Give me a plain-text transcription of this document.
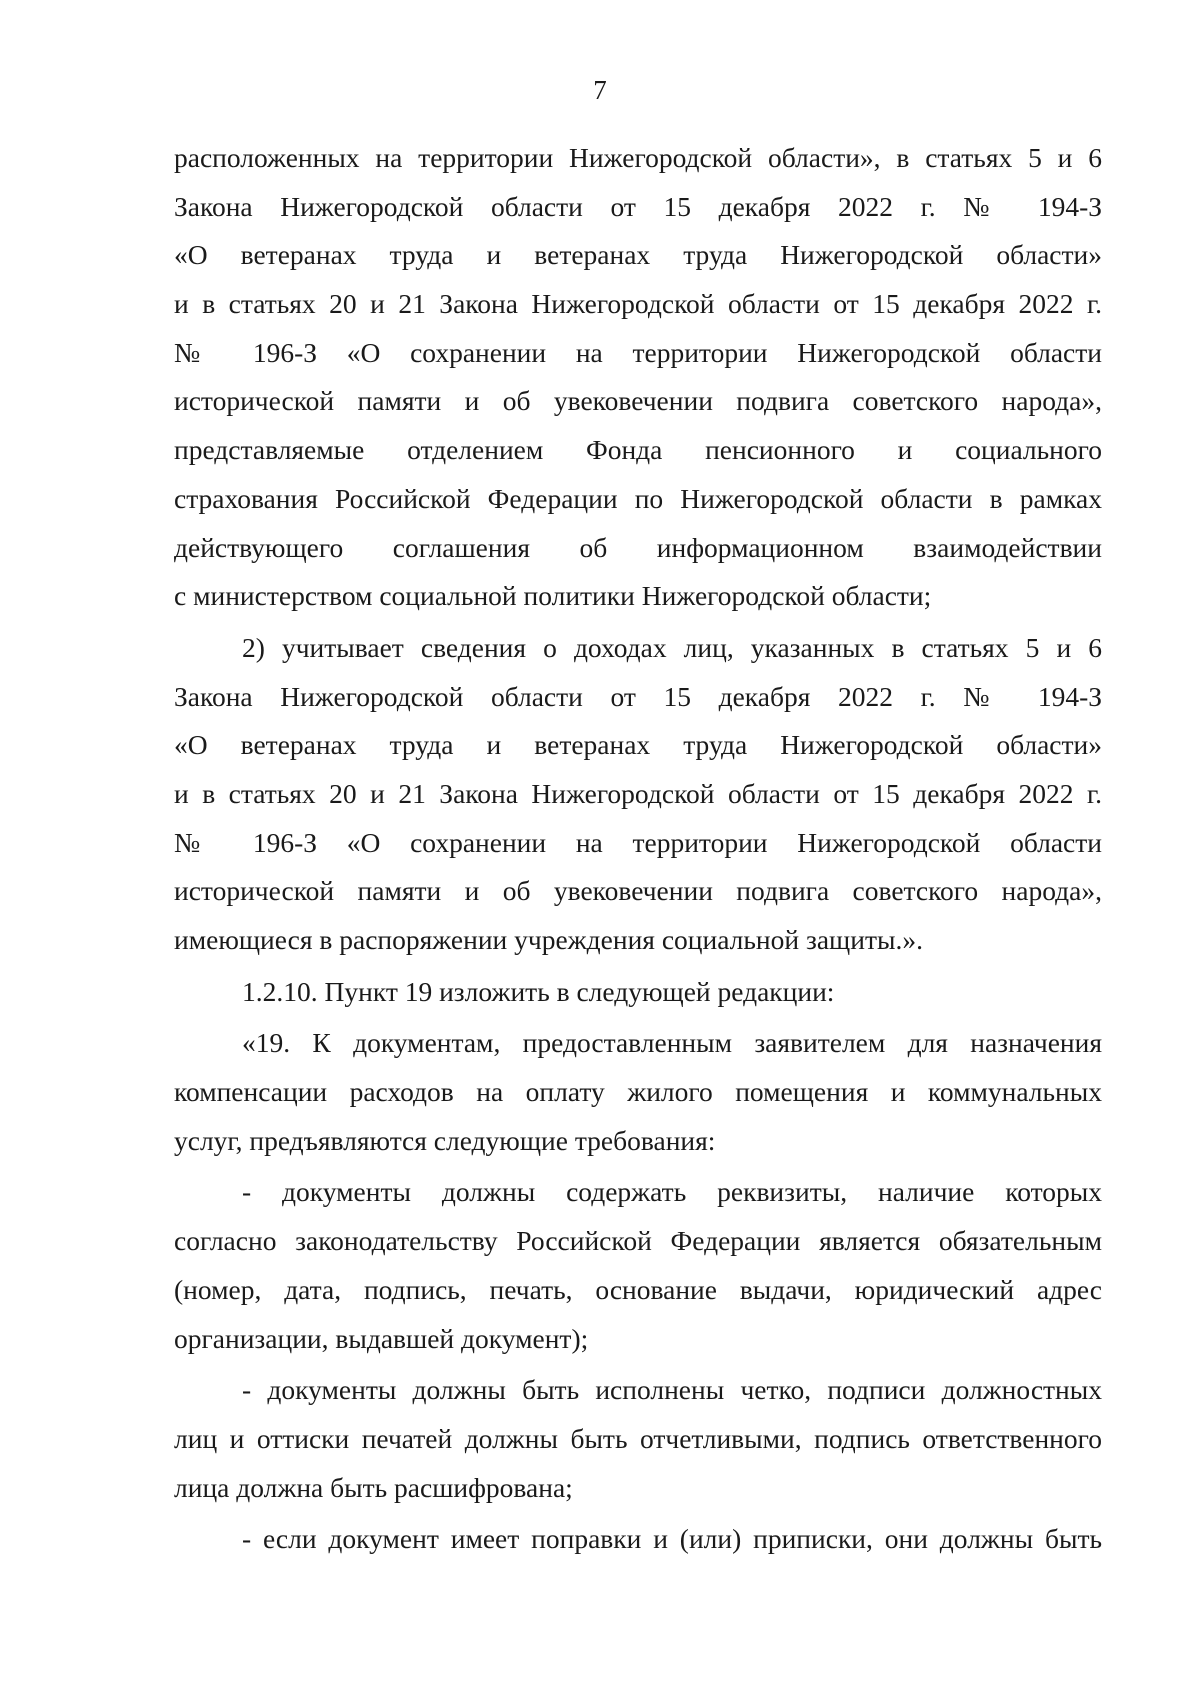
7
расположенных на территории Нижегородской области», в статьях 5 и 6
Закона Нижегородской области от 15 декабря 2022 г. № 194-З
«О ветеранах труда и ветеранах труда Нижегородской области»
и в статьях 20 и 21 Закона Нижегородской области от 15 декабря 2022 г.
№ 196-З «О сохранении на территории Нижегородской области
исторической памяти и об увековечении подвига советского народа»,
представляемые отделением Фонда пенсионного и социального
страхования Российской Федерации по Нижегородской области в рамках
действующего соглашения об информационном взаимодействии
с министерством социальной политики Нижегородской области;
2) учитывает сведения о доходах лиц, указанных в статьях 5 и 6
Закона Нижегородской области от 15 декабря 2022 г. № 194-З
«О ветеранах труда и ветеранах труда Нижегородской области»
и в статьях 20 и 21 Закона Нижегородской области от 15 декабря 2022 г.
№ 196-З «О сохранении на территории Нижегородской области
исторической памяти и об увековечении подвига советского народа»,
имеющиеся в распоряжении учреждения социальной защиты.».
1.2.10. Пункт 19 изложить в следующей редакции:
«19. К документам, предоставленным заявителем для назначения
компенсации расходов на оплату жилого помещения и коммунальных
услуг, предъявляются следующие требования:
- документы должны содержать реквизиты, наличие которых
согласно законодательству Российской Федерации является обязательным
(номер, дата, подпись, печать, основание выдачи, юридический адрес
организации, выдавшей документ);
- документы должны быть исполнены четко, подписи должностных
лиц и оттиски печатей должны быть отчетливыми, подпись ответственного
лица должна быть расшифрована;
- если документ имеет поправки и (или) приписки, они должны быть
